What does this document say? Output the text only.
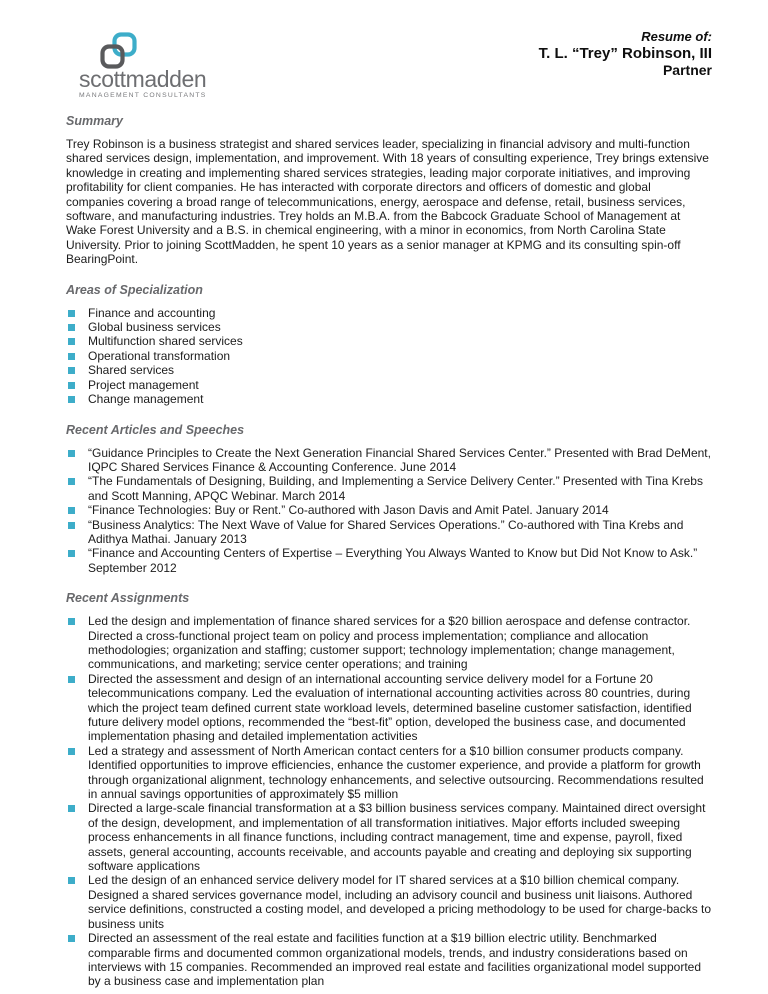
scottmadden
MANAGEMENT CONSULTANTS
Resume of:
T. L. “Trey” Robinson, III
Partner
Summary

Trey Robinson is a business strategist and shared services leader, specializing in financial advisory and multi-function shared services design, implementation, and improvement. With 18 years of consulting experience, Trey brings extensive knowledge in creating and implementing shared services strategies, leading major corporate initiatives, and improving profitability for client companies. He has interacted with corporate directors and officers of domestic and global companies covering a broad range of telecommunications, energy, aerospace and defense, retail, business services, software, and manufacturing industries. Trey holds an M.B.A. from the Babcock Graduate School of Management at Wake Forest University and a B.S. in chemical engineering, with a minor in economics, from North Carolina State University. Prior to joining ScottMadden, he spent 10 years as a senior manager at KPMG and its consulting spin-off BearingPoint.

Areas of Specialization
Finance and accounting
Global business services
Multifunction shared services
Operational transformation
Shared services
Project management
Change management
Recent Articles and Speeches
“Guidance Principles to Create the Next Generation Financial Shared Services Center.” Presented with Brad DeMent, IQPC Shared Services Finance & Accounting Conference. June 2014
“The Fundamentals of Designing, Building, and Implementing a Service Delivery Center.” Presented with Tina Krebs and Scott Manning, APQC Webinar. March 2014
“Finance Technologies: Buy or Rent.” Co-authored with Jason Davis and Amit Patel. January 2014
“Business Analytics: The Next Wave of Value for Shared Services Operations.” Co-authored with Tina Krebs and Adithya Mathai. January 2013
“Finance and Accounting Centers of Expertise – Everything You Always Wanted to Know but Did Not Know to Ask.” September 2012
Recent Assignments
Led the design and implementation of finance shared services for a $20 billion aerospace and defense contractor. Directed a cross-functional project team on policy and process implementation; compliance and allocation methodologies; organization and staffing; customer support; technology implementation; change management, communications, and marketing; service center operations; and training
Directed the assessment and design of an international accounting service delivery model for a Fortune 20 telecommunications company. Led the evaluation of international accounting activities across 80 countries, during which the project team defined current state workload levels, determined baseline customer satisfaction, identified future delivery model options, recommended the “best-fit” option, developed the business case, and documented implementation phasing and detailed implementation activities
Led a strategy and assessment of North American contact centers for a $10 billion consumer products company. Identified opportunities to improve efficiencies, enhance the customer experience, and provide a platform for growth through organizational alignment, technology enhancements, and selective outsourcing. Recommendations resulted in annual savings opportunities of approximately $5 million
Directed a large-scale financial transformation at a $3 billion business services company. Maintained direct oversight of the design, development, and implementation of all transformation initiatives. Major efforts included sweeping process enhancements in all finance functions, including contract management, time and expense, payroll, fixed assets, general accounting, accounts receivable, and accounts payable and creating and deploying six supporting software applications
Led the design of an enhanced service delivery model for IT shared services at a $10 billion chemical company. Designed a shared services governance model, including an advisory council and business unit liaisons. Authored service definitions, constructed a costing model, and developed a pricing methodology to be used for charge-backs to business units
Directed an assessment of the real estate and facilities function at a $19 billion electric utility. Benchmarked comparable firms and documented common organizational models, trends, and industry considerations based on interviews with 15 companies. Recommended an improved real estate and facilities organizational model supported by a business case and implementation plan
